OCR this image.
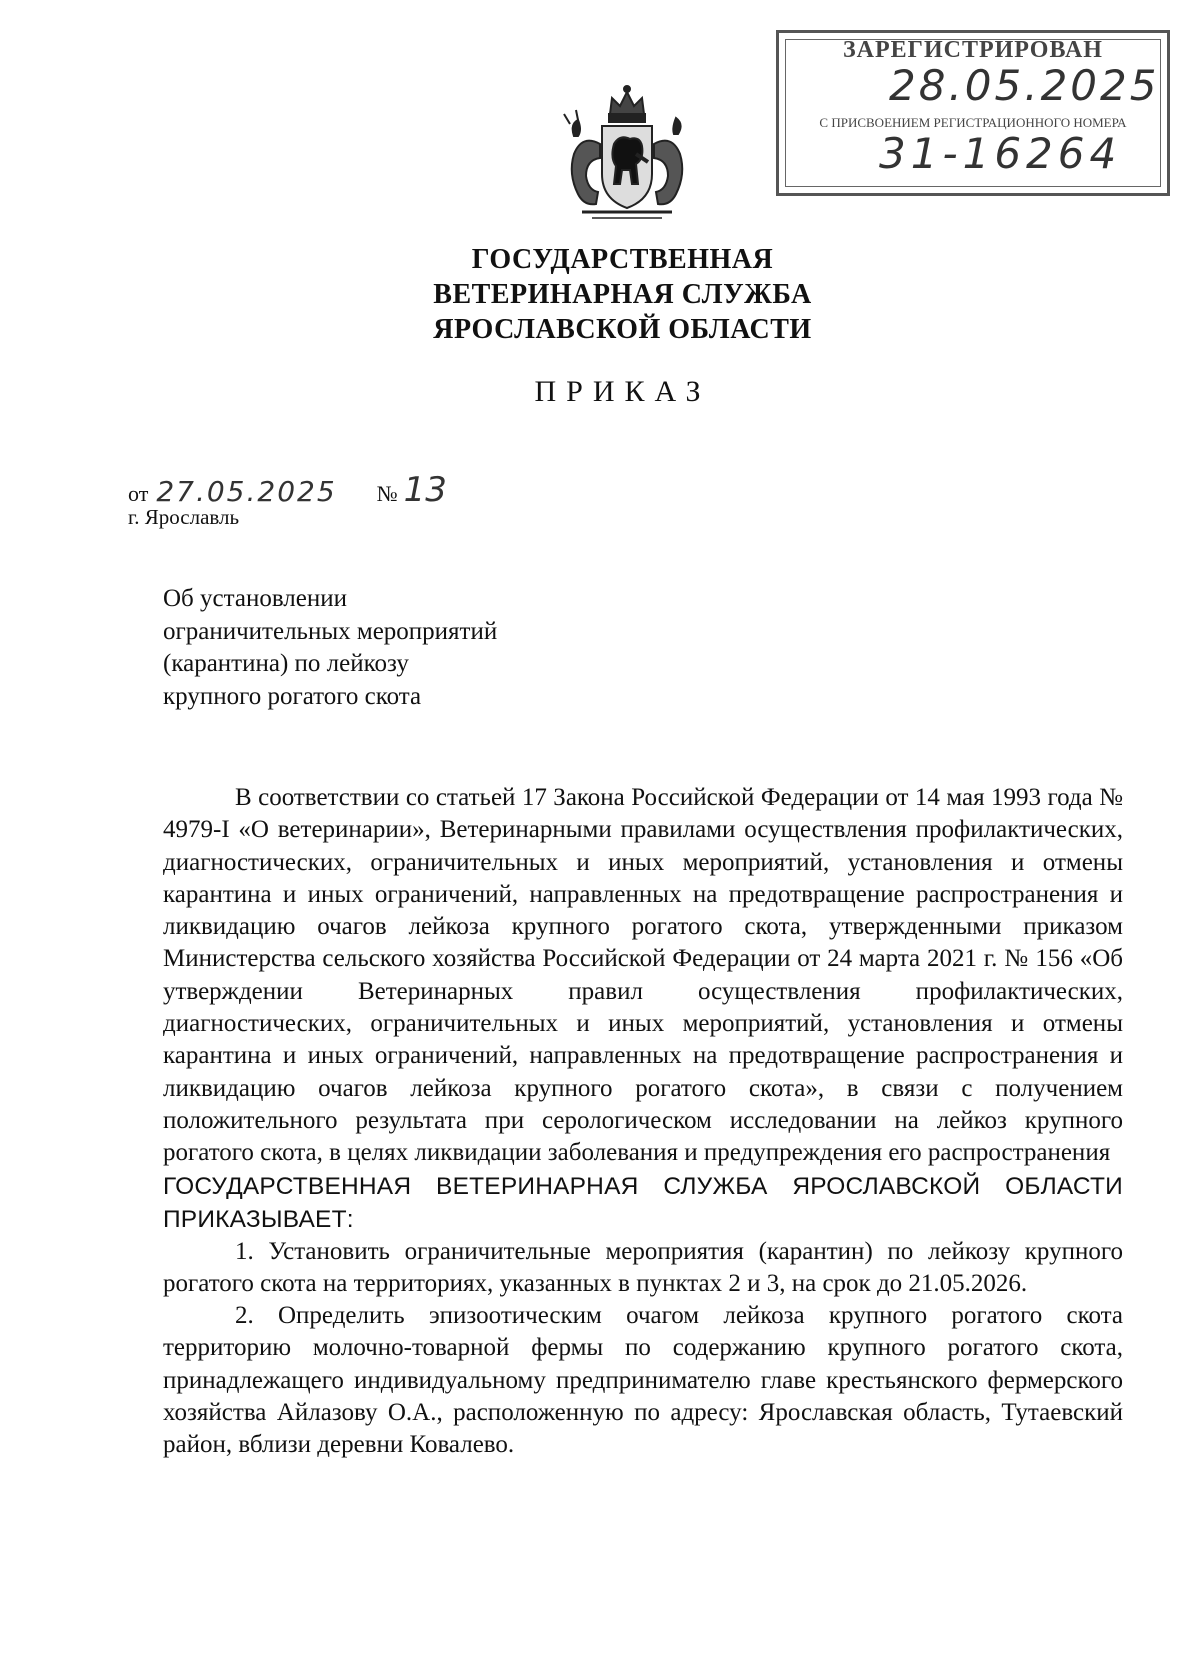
ЗАРЕГИСТРИРОВАН
28.05.2025
С ПРИСВОЕНИЕМ РЕГИСТРАЦИОННОГО НОМЕРА
31-16264
ГОСУДАРСТВЕННАЯ
ВЕТЕРИНАРНАЯ СЛУЖБА
ЯРОСЛАВСКОЙ ОБЛАСТИ
ПРИКАЗ
от 27.05.2025 № 13
г. Ярославль
Об установлении
ограничительных мероприятий
(карантина) по лейкозу
крупного рогатого скота

В соответствии со статьей 17 Закона Российской Федерации от 14 мая 1993 года № 4979-I «О ветеринарии», Ветеринарными правилами осуществления профилактических, диагностических, ограничительных и иных мероприятий, установления и отмены карантина и иных ограничений, направленных на предотвращение распространения и ликвидацию очагов лейкоза крупного рогатого скота, утвержденными приказом Министерства сельского хозяйства Российской Федерации от 24 марта 2021 г. № 156 «Об утверждении Ветеринарных правил осуществления профилактических, диагностических, ограничительных и иных мероприятий, установления и отмены карантина и иных ограничений, направленных на предотвращение распространения и ликвидацию очагов лейкоза крупного рогатого скота», в связи с получением положительного результата при серологическом исследовании на лейкоз крупного рогатого скота, в целях ликвидации заболевания и предупреждения его распространения

ГОСУДАРСТВЕННАЯ ВЕТЕРИНАРНАЯ СЛУЖБА ЯРОСЛАВСКОЙ ОБЛАСТИ ПРИКАЗЫВАЕТ:

1. Установить ограничительные мероприятия (карантин) по лейкозу крупного рогатого скота на территориях, указанных в пунктах 2 и 3, на срок до 21.05.2026.

2. Определить эпизоотическим очагом лейкоза крупного рогатого скота территорию молочно-товарной фермы по содержанию крупного рогатого скота, принадлежащего индивидуальному предпринимателю главе крестьянского фермерского хозяйства Айлазову О.А., расположенную по адресу: Ярославская область, Тутаевский район, вблизи деревни Ковалево.
